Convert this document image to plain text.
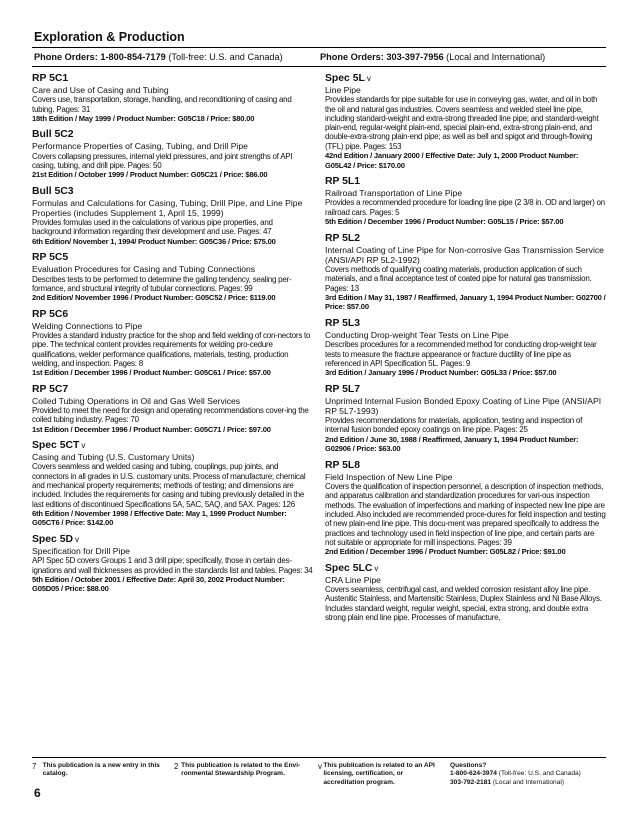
Exploration & Production
Phone Orders: 1-800-854-7179 (Toll-free: U.S. and Canada)	Phone Orders: 303-397-7956 (Local and International)
RP 5C1
Care and Use of Casing and Tubing
Covers use, transportation, storage, handling, and reconditioning of casing and tubing. Pages: 31
18th Edition / May 1999 / Product Number: G05C18 / Price: $80.00
Bull 5C2
Performance Properties of Casing, Tubing, and Drill Pipe
Covers collapsing pressures, internal yield pressures, and joint strengths of API casing, tubing, and drill pipe. Pages: 50
21st Edition / October 1999 / Product Number: G05C21 / Price: $86.00
Bull 5C3
Formulas and Calculations for Casing, Tubing, Drill Pipe, and Line Pipe Properties (includes Supplement 1, April 15, 1999)
Provides formulas used in the calculations of various pipe properties, and background information regarding their development and use. Pages: 47
6th Edition/ November 1, 1994/ Product Number: G05C36 / Price: $75.00
RP 5C5
Evaluation Procedures for Casing and Tubing Connections
Describes tests to be performed to determine the galling tendency, sealing per-formance, and structural integrity of tubular connections. Pages: 99
2nd Edition/ November 1996 / Product Number: G05C52 / Price: $119.00
RP 5C6
Welding Connections to Pipe
Provides a standard industry practice for the shop and field welding of con-nectors to pipe. The technical content provides requirements for welding pro-cedure qualifications, welder performance qualifications, materials, testing, production welding, and inspection. Pages: 8
1st Edition / December 1996 / Product Number: G05C61 / Price: $57.00
RP 5C7
Coiled Tubing Operations in Oil and Gas Well Services
Provided to meet the need for design and operating recommendations cover-ing the coiled tubing industry. Pages: 70
1st Edition / December 1996 / Product Number: G05C71 / Price: $97.00
Spec 5CT v
Casing and Tubing (U.S. Customary Units)
Covers seamless and welded casing and tubing, couplings, pup joints, and connectors in all grades in U.S. customary units. Process of manufacture; chemical and mechanical property requirements; methods of testing; and dimensions are included. Includes the requirements for casing and tubing previously detailed in the last editions of discontinued Specifications 5A, 5AC, 5AQ, and 5AX. Pages: 126
6th Edition / November 1998 / Effective Date: May 1, 1999 Product Number: G05CT6 / Price: $142.00
Spec 5D v
Specification for Drill Pipe
API Spec 5D covers Groups 1 and 3 drill pipe; specifically, those in certain des-ignations and wall thicknesses as provided in the standards list and tables. Pages: 34
5th Edition / October 2001 / Effective Date: April 30, 2002 Product Number: G05D05 / Price: $88.00
Spec 5L v
Line Pipe
Provides standards for pipe suitable for use in conveying gas, water, and oil in both the oil and natural gas industries. Covers seamless and welded steel line pipe, including standard-weight and extra-strong threaded line pipe; and standard-weight plain-end, regular-weight plain-end, special plain-end, extra-strong plain-end, and double-extra-strong plain-end pipe; as well as bell and spigot and through-flowing (TFL) pipe. Pages: 153
42nd Edition / January 2000 / Effective Date: July 1, 2000 Product Number: G05L42 / Price: $170.00
RP 5L1
Railroad Transportation of Line Pipe
Provides a recommended procedure for loading line pipe (2 3/8 in. OD and larger) on railroad cars. Pages: 5
5th Edition / December 1996 / Product Number: G05L15 / Price: $57.00
RP 5L2
Internal Coating of Line Pipe for Non-corrosive Gas Transmission Service (ANSI/API RP 5L2-1992)
Covers methods of qualifying coating materials, production application of such materials, and a final acceptance test of coated pipe for natural gas transmission. Pages: 13
3rd Edition / May 31, 1987 / Reaffirmed, January 1, 1994 Product Number: G02700 / Price: $57.00
RP 5L3
Conducting Drop-weight Tear Tests on Line Pipe
Describes procedures for a recommended method for conducting drop-weight tear tests to measure the fracture appearance or fracture ductility of line pipe as referenced in API Specification 5L. Pages: 9
3rd Edition / January 1996 / Product Number: G05L33 / Price: $57.00
RP 5L7
Unprimed Internal Fusion Bonded Epoxy Coating of Line Pipe (ANSI/API RP 5L7-1993)
Provides recommendations for materials, application, testing and inspection of internal fusion bonded epoxy coatings on line pipe. Pages: 25
2nd Edition / June 30, 1988 / Reaffirmed, January 1, 1994 Product Number: G02906 / Price: $63.00
RP 5L8
Field Inspection of New Line Pipe
Covers the qualification of inspection personnel, a description of inspection methods, and apparatus calibration and standardization procedures for vari-ous inspection methods. The evaluation of imperfections and marking of inspected new line pipe are included. Also included are recommended proce-dures for field inspection and testing of new plain-end line pipe. This docu-ment was prepared specifically to address the practices and technology used in field inspection of line pipe, and certain parts are not suitable or appropriate for mill inspections. Pages: 39
2nd Edition / December 1996 / Product Number: G05L82 / Price: $91.00
Spec 5LC v
CRA Line Pipe
Covers seamless, centrifugal cast, and welded corrosion resistant alloy line pipe. Austenitic Stainless, and Martensitic Stainless, Duplex Stainless and Ni Base Alloys. Includes standard weight, regular weight, special, extra strong, and double extra strong plain end line pipe. Processes of manufacture,
7 This publication is a new entry in this catalog.
2 This publication is related to the Envi-ronmental Stewardship Program.
v This publication is related to an API licensing, certification, or accreditation program.
Questions?
1-800-624-3974 (Toll-free: U.S. and Canada)
303-792-2181 (Local and International)
6
